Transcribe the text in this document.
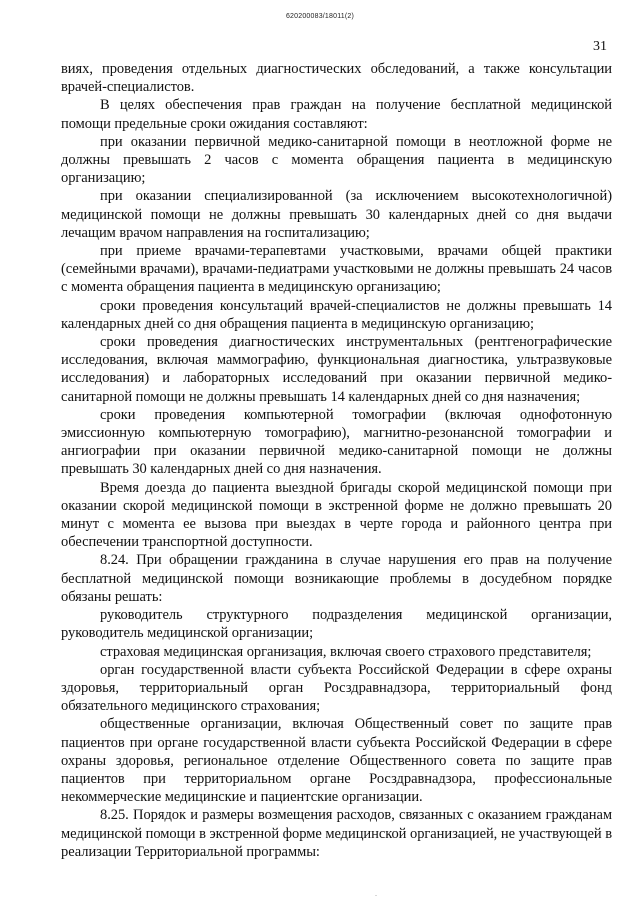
620200083/18011(2)
31

виях, проведения отдельных диагностических обследований, а также консультации врачей-специалистов.

В целях обеспечения прав граждан на получение бесплатной медицинской помощи предельные сроки ожидания составляют:

при оказании первичной медико-санитарной помощи в неотложной форме не должны превышать 2 часов с момента обращения пациента в медицинскую организацию;

при оказании специализированной (за исключением высокотехнологичной) медицинской помощи не должны превышать 30 календарных дней со дня выдачи лечащим врачом направления на госпитализацию;

при приеме врачами-терапевтами участковыми, врачами общей практики (семейными врачами), врачами-педиатрами участковыми не должны превышать 24 часов с момента обращения пациента в медицинскую организацию;

сроки проведения консультаций врачей-специалистов не должны превышать 14 календарных дней со дня обращения пациента в медицинскую организацию;

сроки проведения диагностических инструментальных (рентгенографические исследования, включая маммографию, функциональная диагностика, ультразвуковые исследования) и лабораторных исследований при оказании первичной медико-санитарной помощи не должны превышать 14 календарных дней со дня назначения;

сроки проведения компьютерной томографии (включая однофотонную эмиссионную компьютерную томографию), магнитно-резонансной томографии и ангиографии при оказании первичной медико-санитарной помощи не должны превышать 30 календарных дней со дня назначения.

Время доезда до пациента выездной бригады скорой медицинской помощи при оказании скорой медицинской помощи в экстренной форме не должно превышать 20 минут с момента ее вызова при выездах в черте города и районного центра при обеспечении транспортной доступности.

8.24. При обращении гражданина в случае нарушения его прав на получение бесплатной медицинской помощи возникающие проблемы в досудебном порядке обязаны решать:

руководитель структурного подразделения медицинской организации, руководитель медицинской организации;

страховая медицинская организация, включая своего страхового представителя;

орган государственной власти субъекта Российской Федерации в сфере охраны здоровья, территориальный орган Росздравнадзора, территориальный фонд обязательного медицинского страхования;

общественные организации, включая Общественный совет по защите прав пациентов при органе государственной власти субъекта Российской Федерации в сфере охраны здоровья, региональное отделение Общественного совета по защите прав пациентов при территориальном органе Росздравнадзора, профессиональные некоммерческие медицинские и пациентские организации.

8.25. Порядок и размеры возмещения расходов, связанных с оказанием гражданам медицинской помощи в экстренной форме медицинской организацией, не участвующей в реализации Территориальной программы:

.
